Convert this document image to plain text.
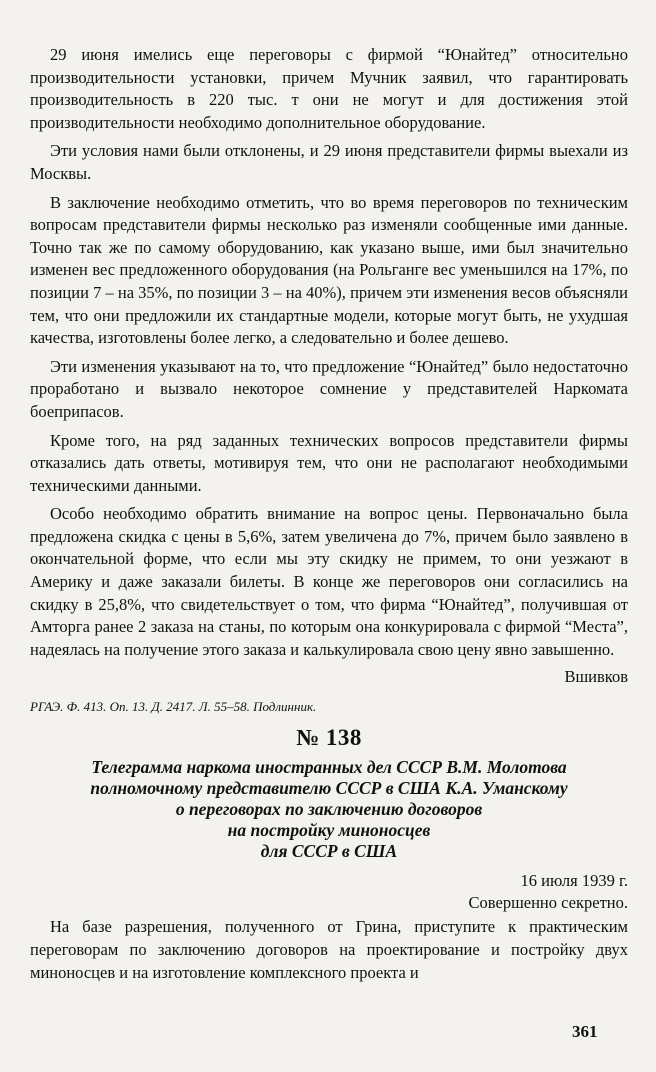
29 июня имелись еще переговоры с фирмой “Юнайтед” относительно производительности установки, причем Мучник заявил, что гарантировать производительность в 220 тыс. т они не могут и для достижения этой производительности необходимо дополнительное оборудование.

Эти условия нами были отклонены, и 29 июня представители фирмы выехали из Москвы.

В заключение необходимо отметить, что во время переговоров по техническим вопросам представители фирмы несколько раз изменяли сообщенные ими данные. Точно так же по самому оборудованию, как указано выше, ими был значительно изменен вес предложенного оборудования (на Рольганге вес уменьшился на 17%, по позиции 7 – на 35%, по позиции 3 – на 40%), причем эти изменения весов объясняли тем, что они предложили их стандартные модели, которые могут быть, не ухудшая качества, изготовлены более легко, а следовательно и более дешево.

Эти изменения указывают на то, что предложение “Юнайтед” было недостаточно проработано и вызвало некоторое сомнение у представителей Наркомата боеприпасов.

Кроме того, на ряд заданных технических вопросов представители фирмы отказались дать ответы, мотивируя тем, что они не располагают необходимыми техническими данными.

Особо необходимо обратить внимание на вопрос цены. Первоначально была предложена скидка с цены в 5,6%, затем увеличена до 7%, причем было заявлено в окончательной форме, что если мы эту скидку не примем, то они уезжают в Америку и даже заказали билеты. В конце же переговоров они согласились на скидку в 25,8%, что свидетельствует о том, что фирма “Юнайтед”, получившая от Амторга ранее 2 заказа на станы, по которым она конкурировала с фирмой “Места”, надеялась на получение этого заказа и калькулировала свою цену явно завышенно.

Вшивков
РГАЭ. Ф. 413. Оп. 13. Д. 2417. Л. 55–58. Подлинник.
№ 138
Телеграмма наркома иностранных дел СССР В.М. Молотова
полномочному представителю СССР в США К.А. Уманскому
о переговорах по заключению договоров
на постройку миноносцев
для СССР в США
16 июля 1939 г.
Совершенно секретно.

На базе разрешения, полученного от Грина, приступите к практическим переговорам по заключению договоров на проектирование и постройку двух миноносцев и на изготовление комплексного проекта и

361
